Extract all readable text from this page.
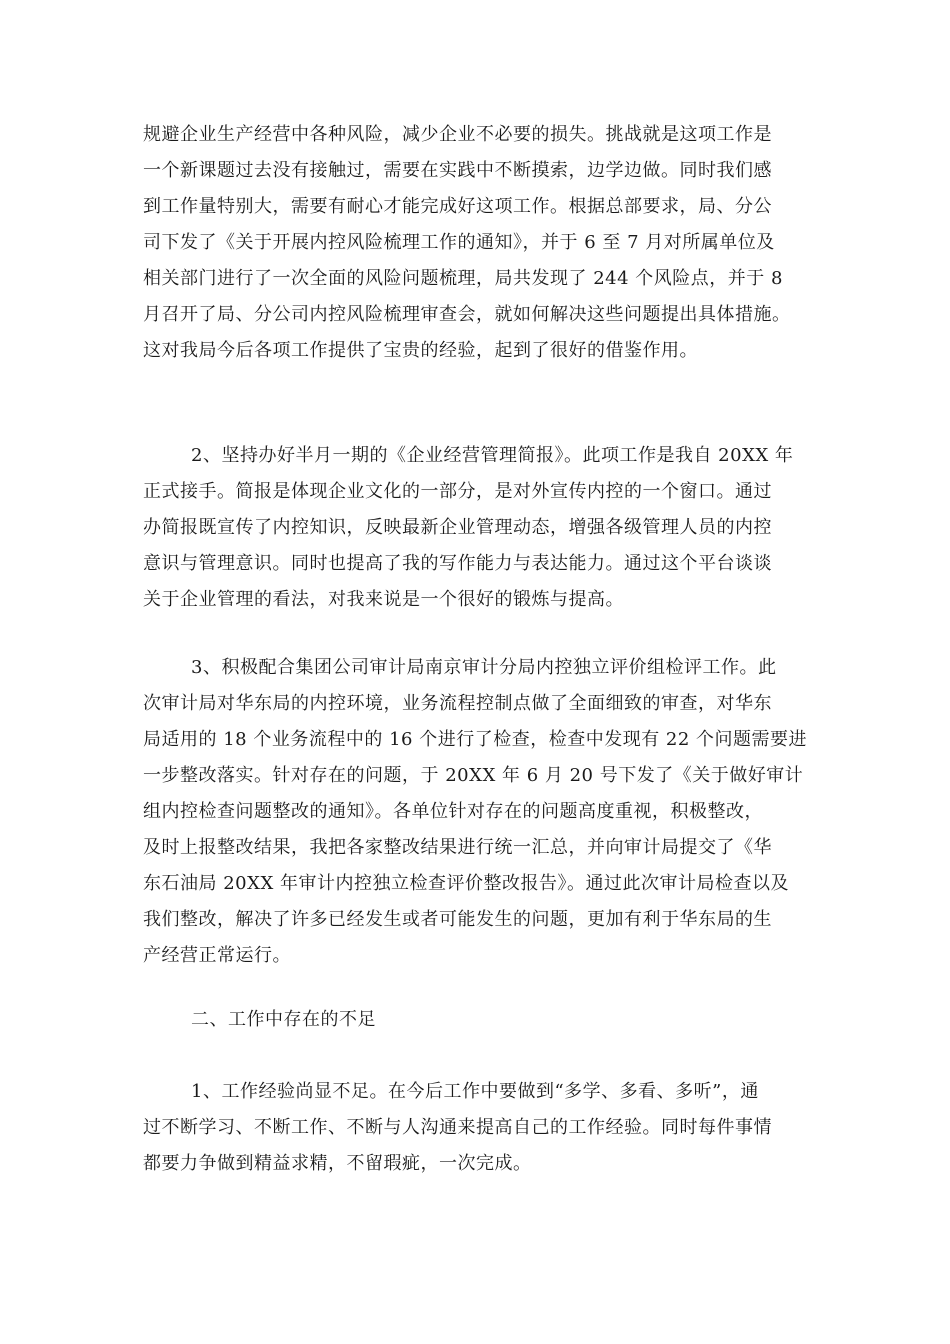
规避企业生产经营中各种风险，减少企业不必要的损失。挑战就是这项工作是
一个新课题过去没有接触过，需要在实践中不断摸索，边学边做。同时我们感
到工作量特别大，需要有耐心才能完成好这项工作。根据总部要求，局、分公
司下发了《关于开展内控风险梳理工作的通知》，并于 6 至 7 月对所属单位及
相关部门进行了一次全面的风险问题梳理，局共发现了 244 个风险点，并于 8
月召开了局、分公司内控风险梳理审查会，就如何解决这些问题提出具体措施。
这对我局今后各项工作提供了宝贵的经验，起到了很好的借鉴作用。
2、坚持办好半月一期的《企业经营管理简报》。此项工作是我自 20XX 年
正式接手。简报是体现企业文化的一部分，是对外宣传内控的一个窗口。通过
办简报既宣传了内控知识，反映最新企业管理动态，增强各级管理人员的内控
意识与管理意识。同时也提高了我的写作能力与表达能力。通过这个平台谈谈
关于企业管理的看法，对我来说是一个很好的锻炼与提高。
3、积极配合集团公司审计局南京审计分局内控独立评价组检评工作。此
次审计局对华东局的内控环境，业务流程控制点做了全面细致的审查，对华东
局适用的 18 个业务流程中的 16 个进行了检查，检查中发现有 22 个问题需要进
一步整改落实。针对存在的问题，于 20XX 年 6 月 20 号下发了《关于做好审计
组内控检查问题整改的通知》。各单位针对存在的问题高度重视，积极整改，
及时上报整改结果，我把各家整改结果进行统一汇总，并向审计局提交了《华
东石油局 20XX 年审计内控独立检查评价整改报告》。通过此次审计局检查以及
我们整改，解决了许多已经发生或者可能发生的问题，更加有利于华东局的生
产经营正常运行。
二、工作中存在的不足
1、工作经验尚显不足。在今后工作中要做到“多学、多看、多听”，通
过不断学习、不断工作、不断与人沟通来提高自己的工作经验。同时每件事情
都要力争做到精益求精，不留瑕疵，一次完成。
